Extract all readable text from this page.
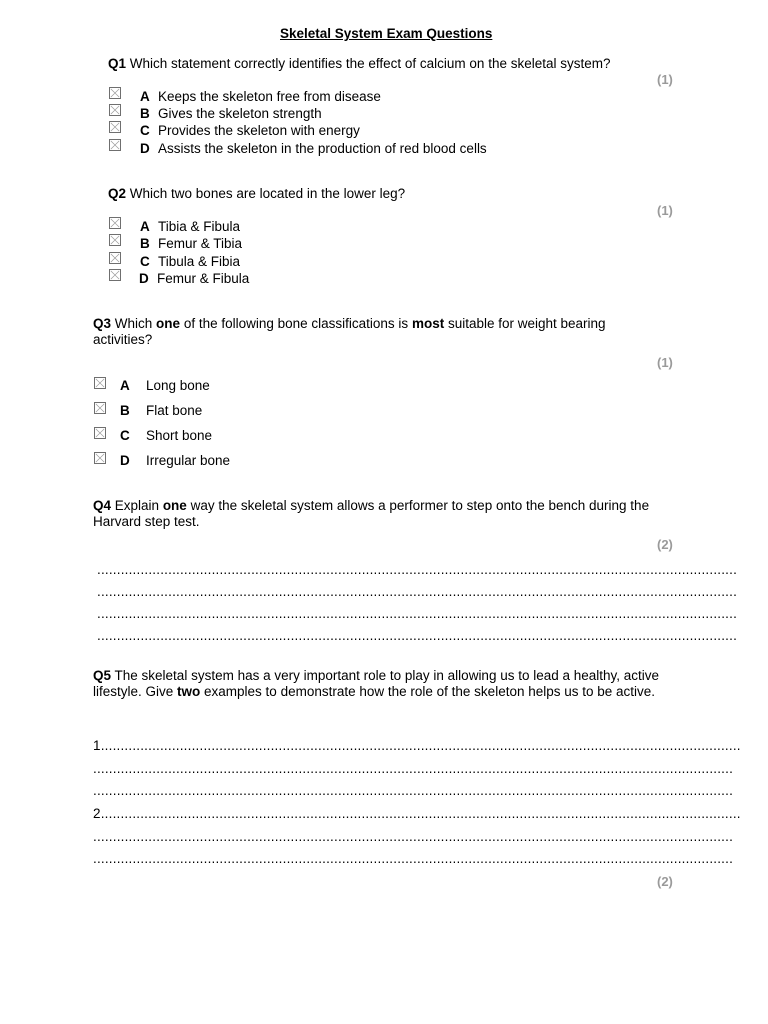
Skeletal System Exam Questions
Q1 Which statement correctly identifies the effect of calcium on the skeletal system?
(1)
A Keeps the skeleton free from disease
B Gives the skeleton strength
C Provides the skeleton with energy
D Assists the skeleton in the production of red blood cells
Q2 Which two bones are located in the lower leg?
(1)
A Tibia & Fibula
B Femur & Tibia
C Tibula & Fibia
D Femur & Fibula
Q3 Which one of the following bone classifications is most suitable for weight bearing activities?
(1)
A Long bone
B Flat bone
C Short bone
D Irregular bone
Q4 Explain one way the skeletal system allows a performer to step onto the bench during the Harvard step test.
(2)
..................................................................................................................................................................
..................................................................................................................................................................
..................................................................................................................................................................
..................................................................................................................................................................
Q5 The skeletal system has a very important role to play in allowing us to lead a healthy, active lifestyle. Give two examples to demonstrate how the role of the skeleton helps us to be active.
1..................................................................................................................................................................
..................................................................................................................................................................
..................................................................................................................................................................
2..................................................................................................................................................................
..................................................................................................................................................................
..................................................................................................................................................................
(2)
